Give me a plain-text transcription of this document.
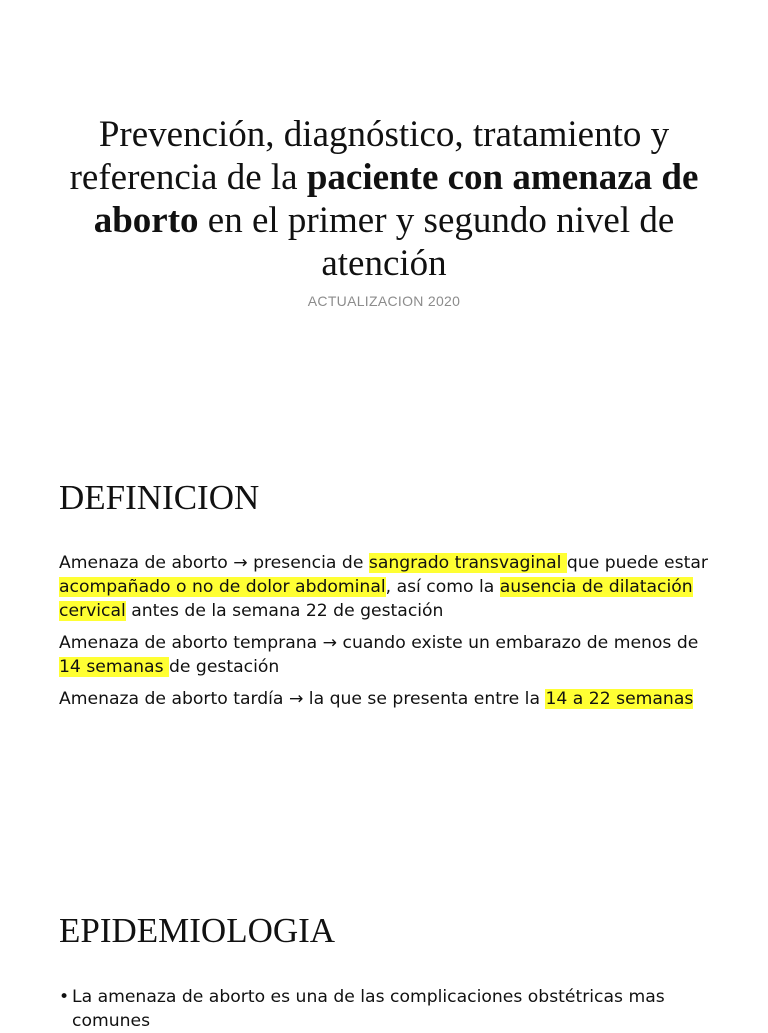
Prevención, diagnóstico, tratamiento y referencia de la paciente con amenaza de aborto en el primer y segundo nivel de atención
ACTUALIZACION 2020
DEFINICION

Amenaza de aborto → presencia de sangrado transvaginal que puede estar acompañado o no de dolor abdominal, así como la ausencia de dilatación cervical antes de la semana 22 de gestación

Amenaza de aborto temprana → cuando existe un embarazo de menos de 14 semanas de gestación

Amenaza de aborto tardía → la que se presenta entre la 14 a 22 semanas

EPIDEMIOLOGIA
• La amenaza de aborto es una de las complicaciones obstétricas mas comunes
